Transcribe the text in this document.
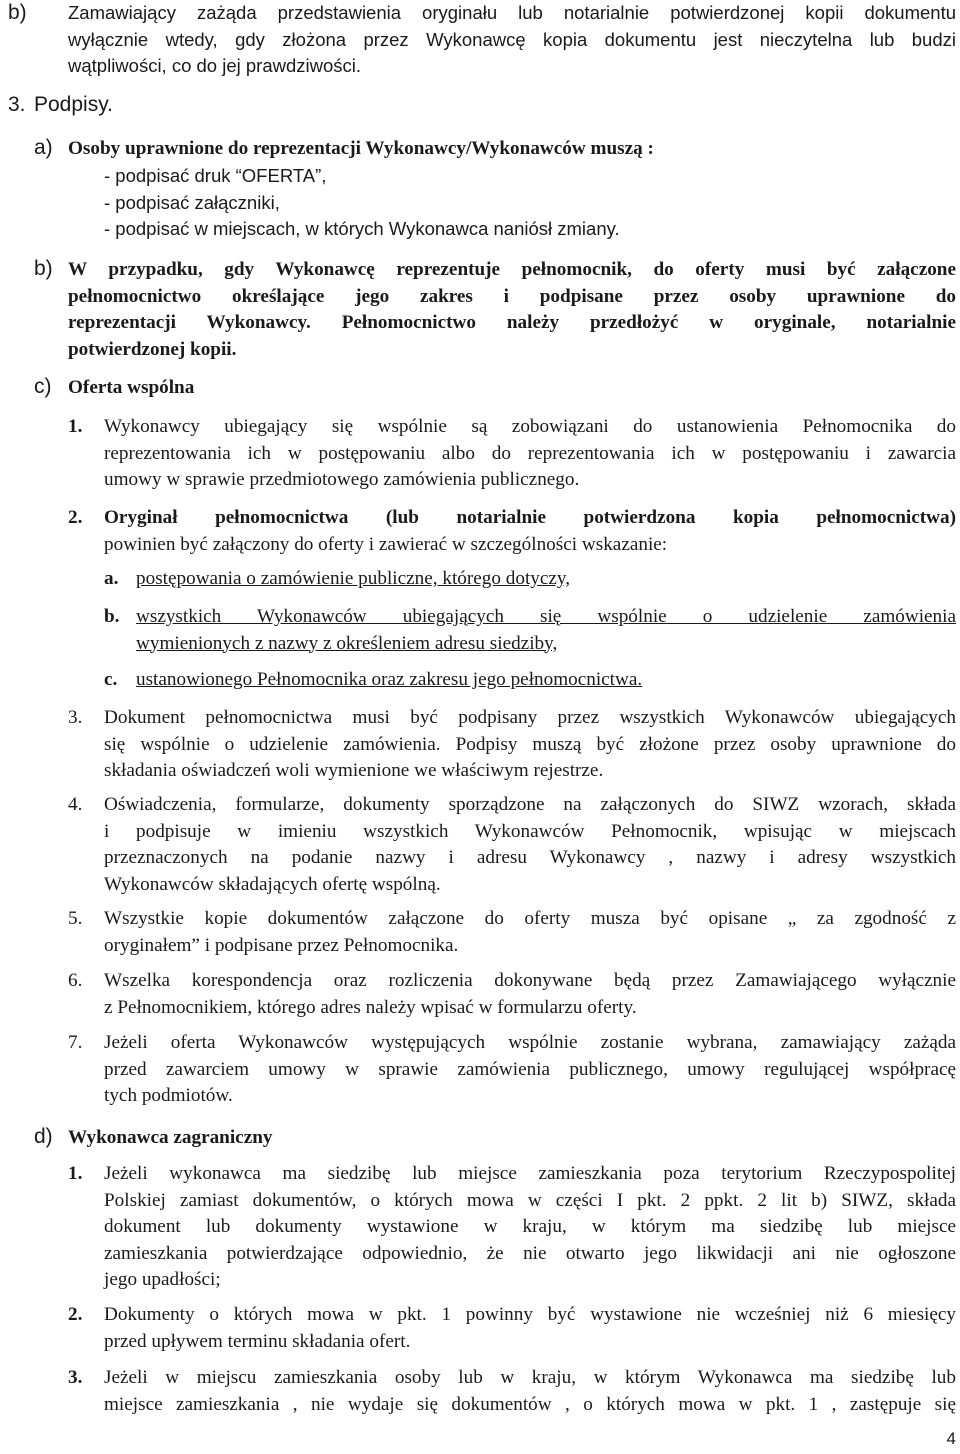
b) Zamawiający zażąda przedstawienia oryginału lub notarialnie potwierdzonej kopii dokumentu
wyłącznie wtedy, gdy złożona przez Wykonawcę kopia dokumentu jest nieczytelna lub budzi
wątpliwości, co do jej prawdziwości.
3. Podpisy.
a) Osoby uprawnione do reprezentacji Wykonawcy/Wykonawców muszą :
- podpisać druk “OFERTA”,
- podpisać załączniki,
- podpisać w miejscach, w których Wykonawca naniósł zmiany.
b) W przypadku, gdy Wykonawcę reprezentuje pełnomocnik, do oferty musi być załączone
pełnomocnictwo określające jego zakres i podpisane przez osoby uprawnione do
reprezentacji Wykonawcy. Pełnomocnictwo należy przedłożyć w oryginale, notarialnie
potwierdzonej kopii.
c) Oferta wspólna
1. Wykonawcy ubiegający się wspólnie są zobowiązani do ustanowienia Pełnomocnika do
reprezentowania ich w postępowaniu albo do reprezentowania ich w postępowaniu i zawarcia
umowy w sprawie przedmiotowego zamówienia publicznego.
2. Oryginał pełnomocnictwa (lub notarialnie potwierdzona kopia pełnomocnictwa)
powinien być załączony do oferty i zawierać w szczególności wskazanie:
a. postępowania o zamówienie publiczne, którego dotyczy,
b. wszystkich Wykonawców ubiegających się wspólnie o udzielenie zamówienia
wymienionych z nazwy z określeniem adresu siedziby,
c. ustanowionego Pełnomocnika oraz zakresu jego pełnomocnictwa.
3. Dokument pełnomocnictwa musi być podpisany przez wszystkich Wykonawców ubiegających
się wspólnie o udzielenie zamówienia. Podpisy muszą być złożone przez osoby uprawnione do
składania oświadczeń woli wymienione we właściwym rejestrze.
4. Oświadczenia, formularze, dokumenty sporządzone na załączonych do SIWZ wzorach, składa
i podpisuje w imieniu wszystkich Wykonawców Pełnomocnik, wpisując w miejscach
przeznaczonych na podanie nazwy i adresu Wykonawcy , nazwy i adresy wszystkich
Wykonawców składających ofertę wspólną.
5. Wszystkie kopie dokumentów załączone do oferty musza być opisane „ za zgodność z
oryginałem” i podpisane przez Pełnomocnika.
6. Wszelka korespondencja oraz rozliczenia dokonywane będą przez Zamawiającego wyłącznie
z Pełnomocnikiem, którego adres należy wpisać w formularzu oferty.
7. Jeżeli oferta Wykonawców występujących wspólnie zostanie wybrana, zamawiający zażąda
przed zawarciem umowy w sprawie zamówienia publicznego, umowy regulującej współpracę
tych podmiotów.
d) Wykonawca zagraniczny
1. Jeżeli wykonawca ma siedzibę lub miejsce zamieszkania poza terytorium Rzeczypospolitej
Polskiej zamiast dokumentów, o których mowa w części I pkt. 2 ppkt. 2 lit b) SIWZ, składa
dokument lub dokumenty wystawione w kraju, w którym ma siedzibę lub miejsce
zamieszkania potwierdzające odpowiednio, że nie otwarto jego likwidacji ani nie ogłoszone
jego upadłości;
2. Dokumenty o których mowa w pkt. 1 powinny być wystawione nie wcześniej niż 6 miesięcy
przed upływem terminu składania ofert.
3. Jeżeli w miejscu zamieszkania osoby lub w kraju, w którym Wykonawca ma siedzibę lub
miejsce zamieszkania , nie wydaje się dokumentów , o których mowa w pkt. 1 , zastępuje się
4
